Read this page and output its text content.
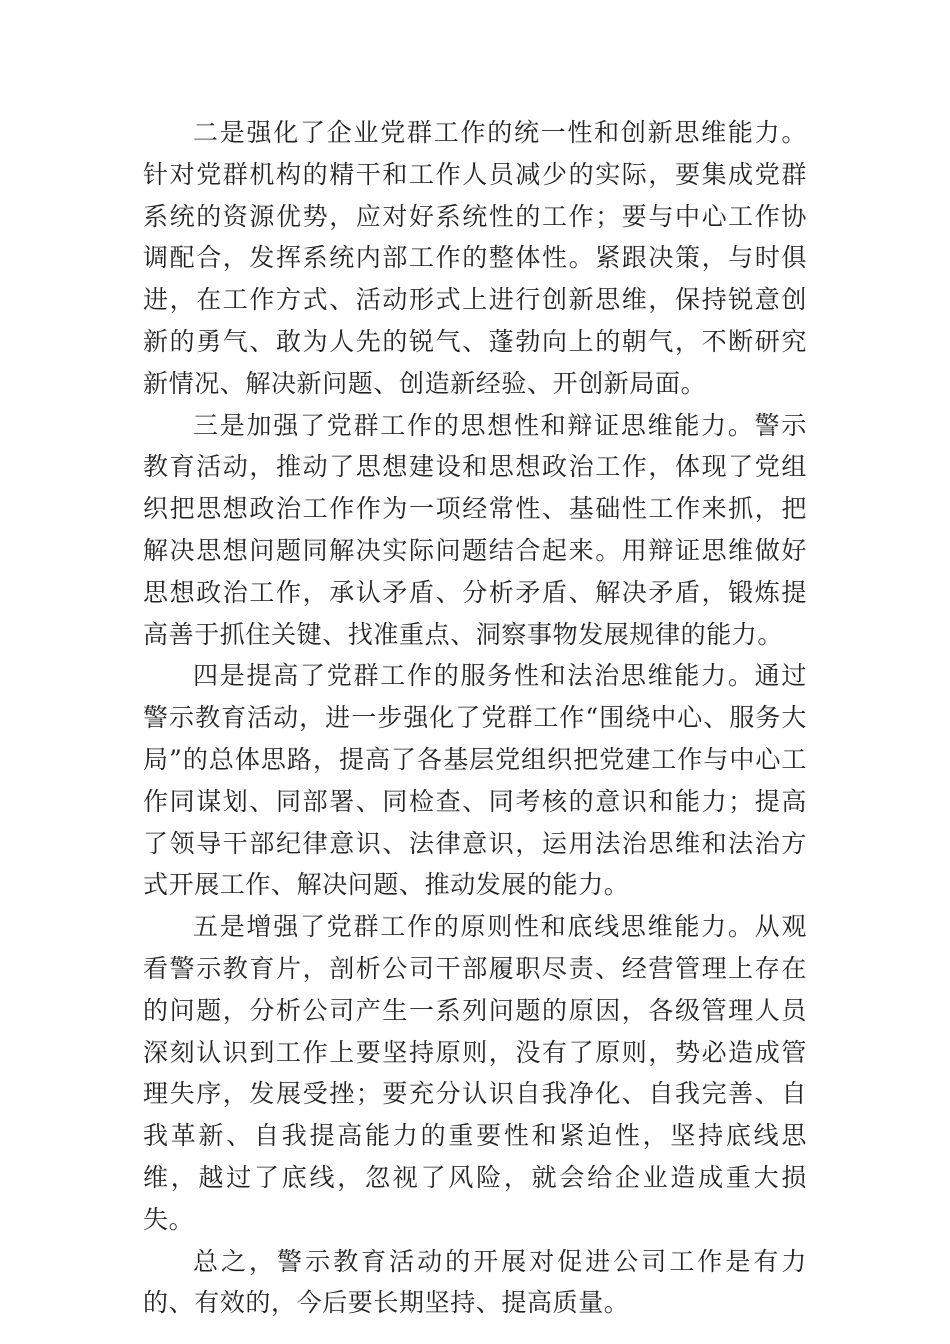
二是强化了企业党群工作的统一性和创新思维能力。针对党群机构的精干和工作人员减少的实际，要集成党群系统的资源优势，应对好系统性的工作；要与中心工作协调配合，发挥系统内部工作的整体性。紧跟决策，与时俱进，在工作方式、活动形式上进行创新思维，保持锐意创新的勇气、敢为人先的锐气、蓬勃向上的朝气，不断研究新情况、解决新问题、创造新经验、开创新局面。

三是加强了党群工作的思想性和辩证思维能力。警示教育活动，推动了思想建设和思想政治工作，体现了党组织把思想政治工作作为一项经常性、基础性工作来抓，把解决思想问题同解决实际问题结合起来。用辩证思维做好思想政治工作，承认矛盾、分析矛盾、解决矛盾，锻炼提高善于抓住关键、找准重点、洞察事物发展规律的能力。

四是提高了党群工作的服务性和法治思维能力。通过警示教育活动，进一步强化了党群工作“围绕中心、服务大局”的总体思路，提高了各基层党组织把党建工作与中心工作同谋划、同部署、同检查、同考核的意识和能力；提高了领导干部纪律意识、法律意识，运用法治思维和法治方式开展工作、解决问题、推动发展的能力。

五是增强了党群工作的原则性和底线思维能力。从观看警示教育片，剖析公司干部履职尽责、经营管理上存在的问题，分析公司产生一系列问题的原因，各级管理人员深刻认识到工作上要坚持原则，没有了原则，势必造成管理失序，发展受挫；要充分认识自我净化、自我完善、自我革新、自我提高能力的重要性和紧迫性，坚持底线思维，越过了底线，忽视了风险，就会给企业造成重大损失。

总之，警示教育活动的开展对促进公司工作是有力的、有效的，今后要长期坚持、提高质量。
